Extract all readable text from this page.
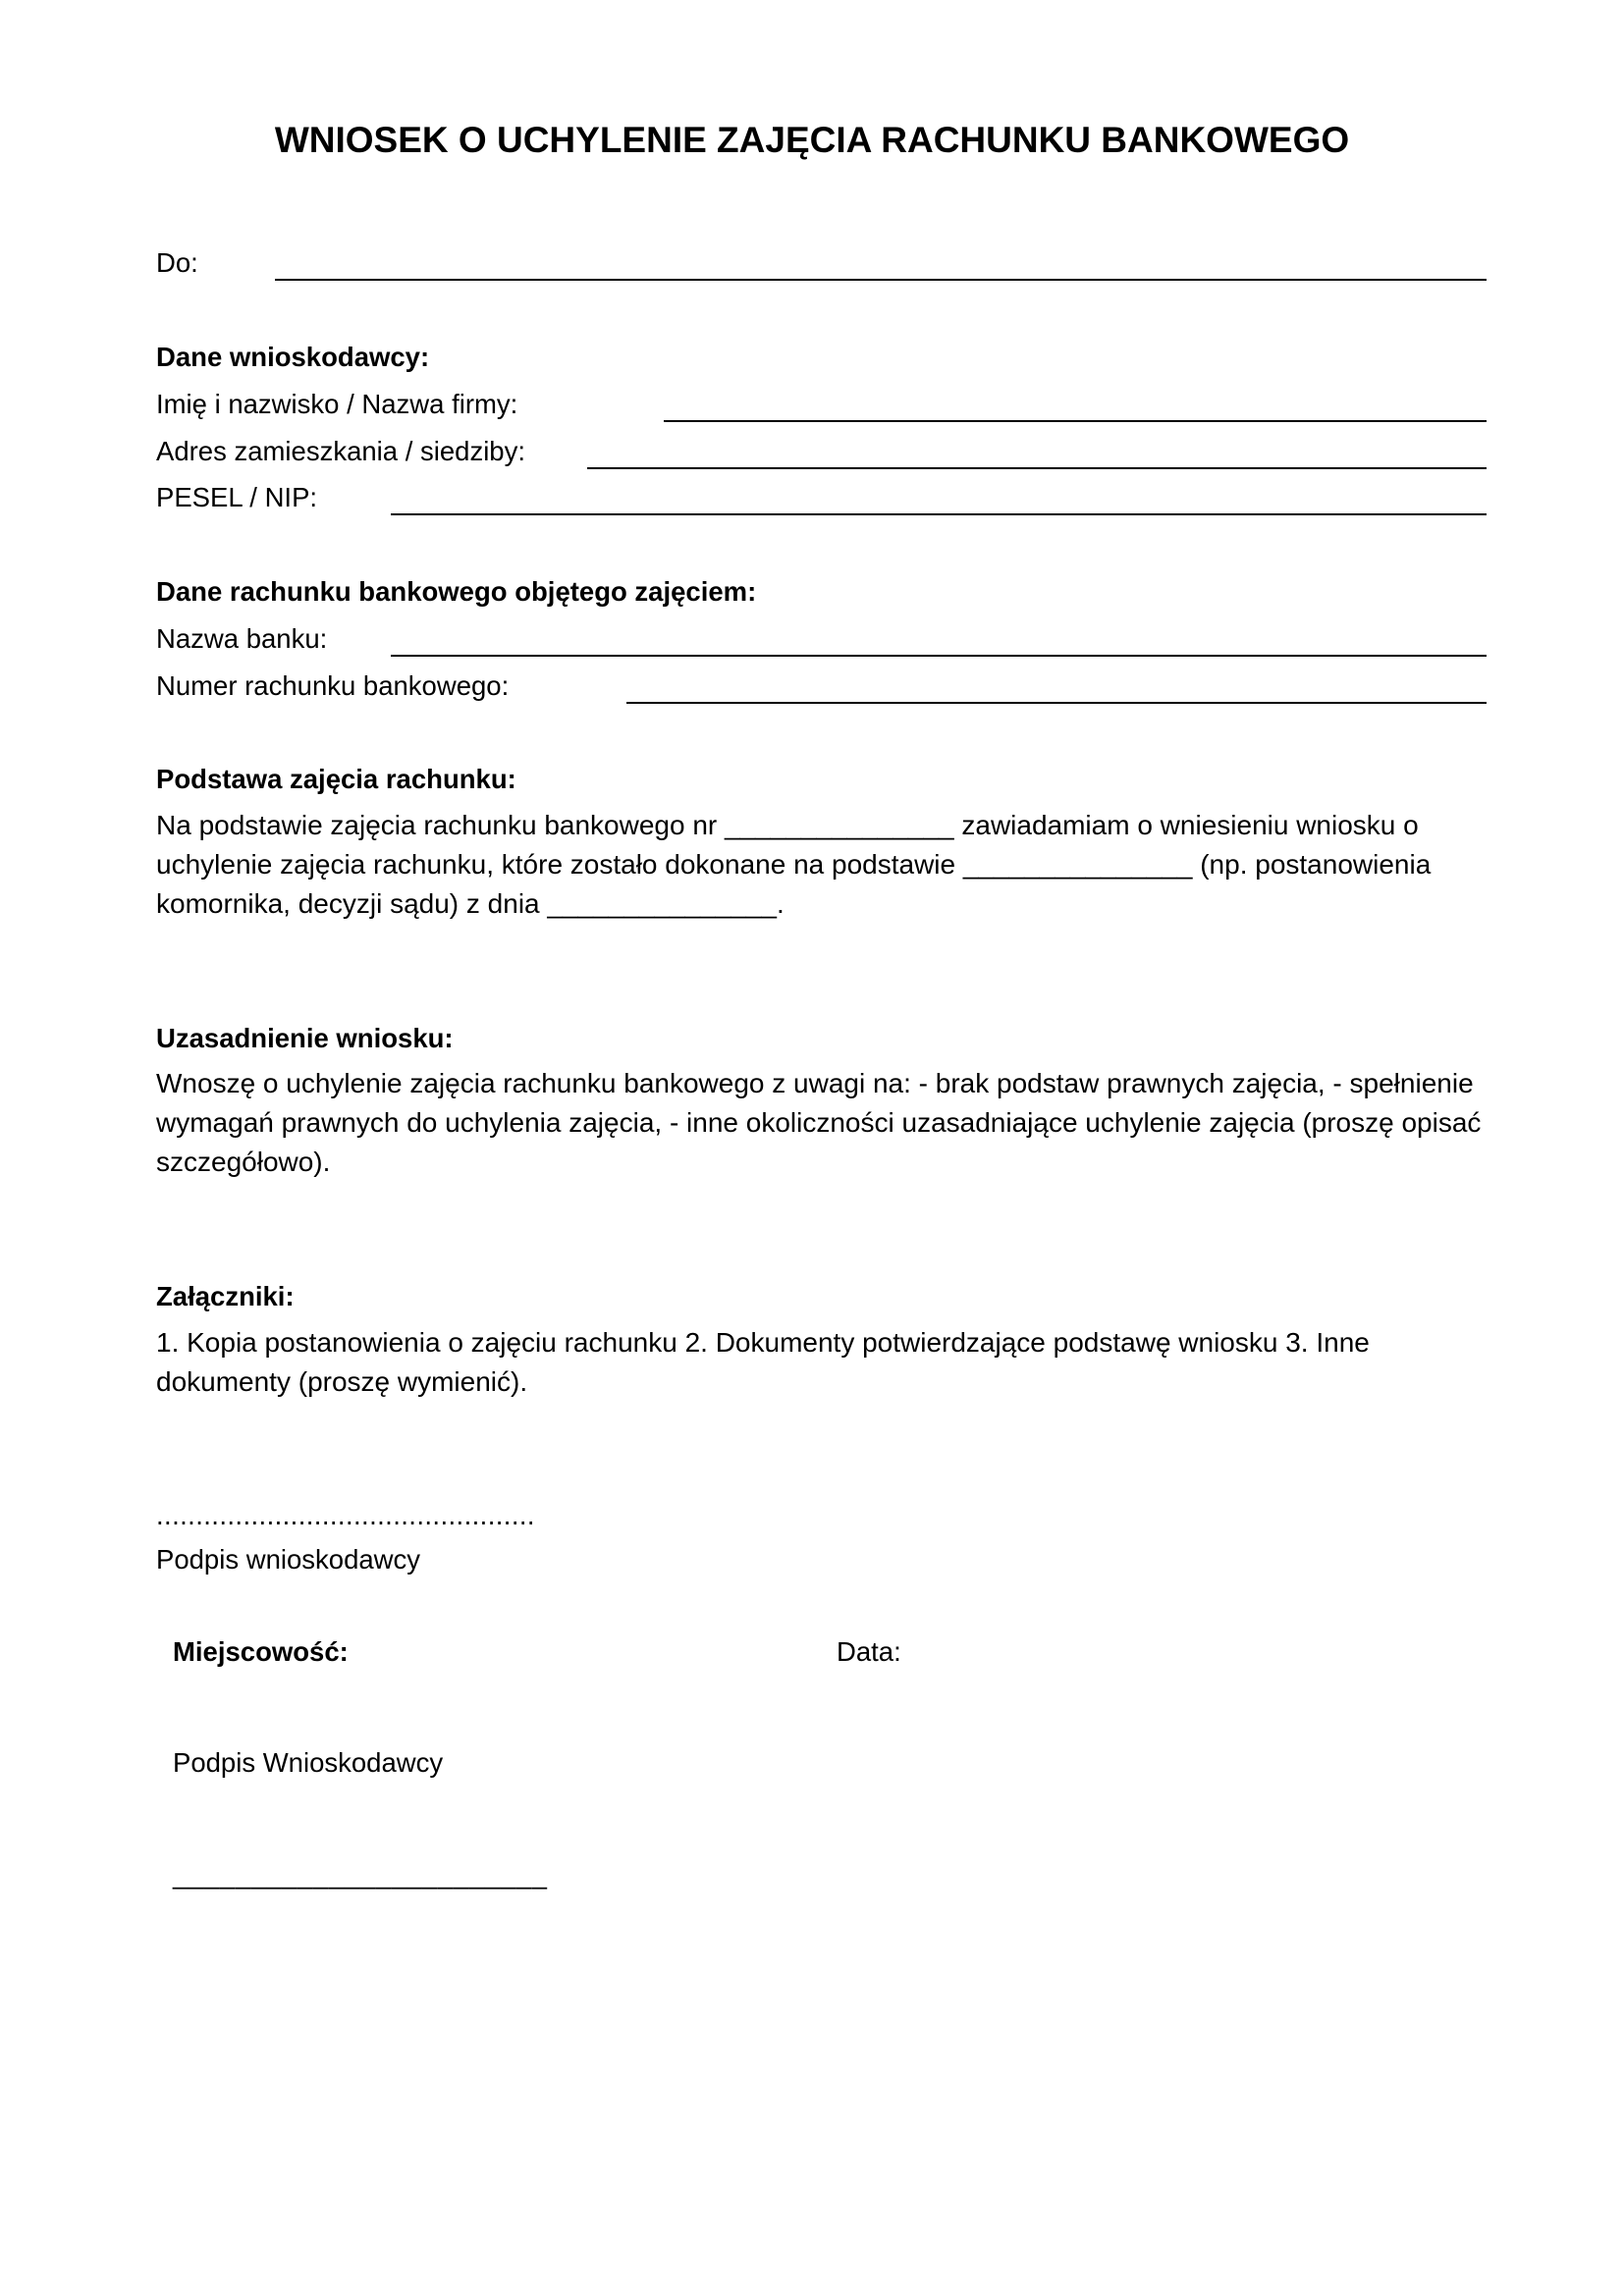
WNIOSEK O UCHYLENIE ZAJĘCIA RACHUNKU BANKOWEGO

Do:

Dane wnioskodawcy:

Imię i nazwisko / Nazwa firmy:

Adres zamieszkania / siedziby:

PESEL / NIP:

Dane rachunku bankowego objętego zajęciem:

Nazwa banku:

Numer rachunku bankowego:

Podstawa zajęcia rachunku:

Na podstawie zajęcia rachunku bankowego nr _______________ zawiadamiam o wniesieniu wniosku o uchylenie zajęcia rachunku, które zostało dokonane na podstawie _______________ (np. postanowienia komornika, decyzji sądu) z dnia _______________.

Uzasadnienie wniosku:

Wnoszę o uchylenie zajęcia rachunku bankowego z uwagi na: - brak podstaw prawnych zajęcia, - spełnienie wymagań prawnych do uchylenia zajęcia, - inne okoliczności uzasadniające uchylenie zajęcia (proszę opisać szczegółowo).

Załączniki:

1. Kopia postanowienia o zajęciu rachunku 2. Dokumenty potwierdzające podstawę wniosku 3. Inne dokumenty (proszę wymienić).

................................................

Podpis wnioskodawcy

Miejscowość:	Data:

Podpis Wnioskodawcy

________________________
